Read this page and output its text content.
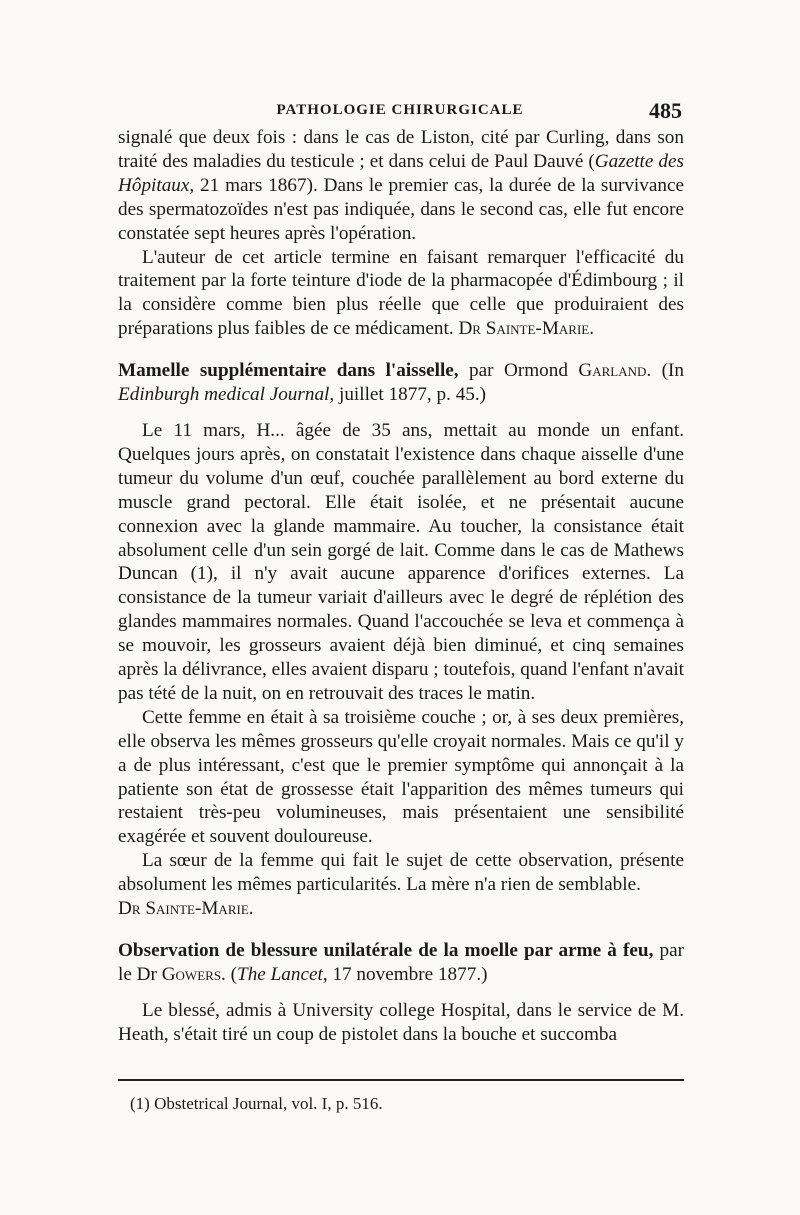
PATHOLOGIE CHIRURGICALE	485

signalé que deux fois : dans le cas de Liston, cité par Curling, dans son traité des maladies du testicule ; et dans celui de Paul Dauvé (Gazette des Hôpitaux, 21 mars 1867). Dans le premier cas, la durée de la survivance des spermatozoïdes n'est pas indiquée, dans le second cas, elle fut encore constatée sept heures après l'opération.

L'auteur de cet article termine en faisant remarquer l'efficacité du traitement par la forte teinture d'iode de la pharmacopée d'Édimbourg ; il la considère comme bien plus réelle que celle que produiraient des préparations plus faibles de ce médicament. Dr Sainte-Marie.

Mamelle supplémentaire dans l'aisselle, par Ormond Garland. (In Edinburgh medical Journal, juillet 1877, p. 45.)

Le 11 mars, H... âgée de 35 ans, mettait au monde un enfant. Quelques jours après, on constatait l'existence dans chaque aisselle d'une tumeur du volume d'un œuf, couchée parallèlement au bord externe du muscle grand pectoral. Elle était isolée, et ne présentait aucune connexion avec la glande mammaire. Au toucher, la consistance était absolument celle d'un sein gorgé de lait. Comme dans le cas de Mathews Duncan (1), il n'y avait aucune apparence d'orifices externes. La consistance de la tumeur variait d'ailleurs avec le degré de réplétion des glandes mammaires normales. Quand l'accouchée se leva et commença à se mouvoir, les grosseurs avaient déjà bien diminué, et cinq semaines après la délivrance, elles avaient disparu ; toutefois, quand l'enfant n'avait pas tété de la nuit, on en retrouvait des traces le matin.

Cette femme en était à sa troisième couche ; or, à ses deux premières, elle observa les mêmes grosseurs qu'elle croyait normales. Mais ce qu'il y a de plus intéressant, c'est que le premier symptôme qui annonçait à la patiente son état de grossesse était l'apparition des mêmes tumeurs qui restaient très-peu volumineuses, mais présentaient une sensibilité exagérée et souvent douloureuse.

La sœur de la femme qui fait le sujet de cette observation, présente absolument les mêmes particularités. La mère n'a rien de semblable.

Dr Sainte-Marie.

Observation de blessure unilatérale de la moelle par arme à feu, par le Dr Gowers. (The Lancet, 17 novembre 1877.)

Le blessé, admis à University college Hospital, dans le service de M. Heath, s'était tiré un coup de pistolet dans la bouche et succomba

(1) Obstetrical Journal, vol. I, p. 516.
